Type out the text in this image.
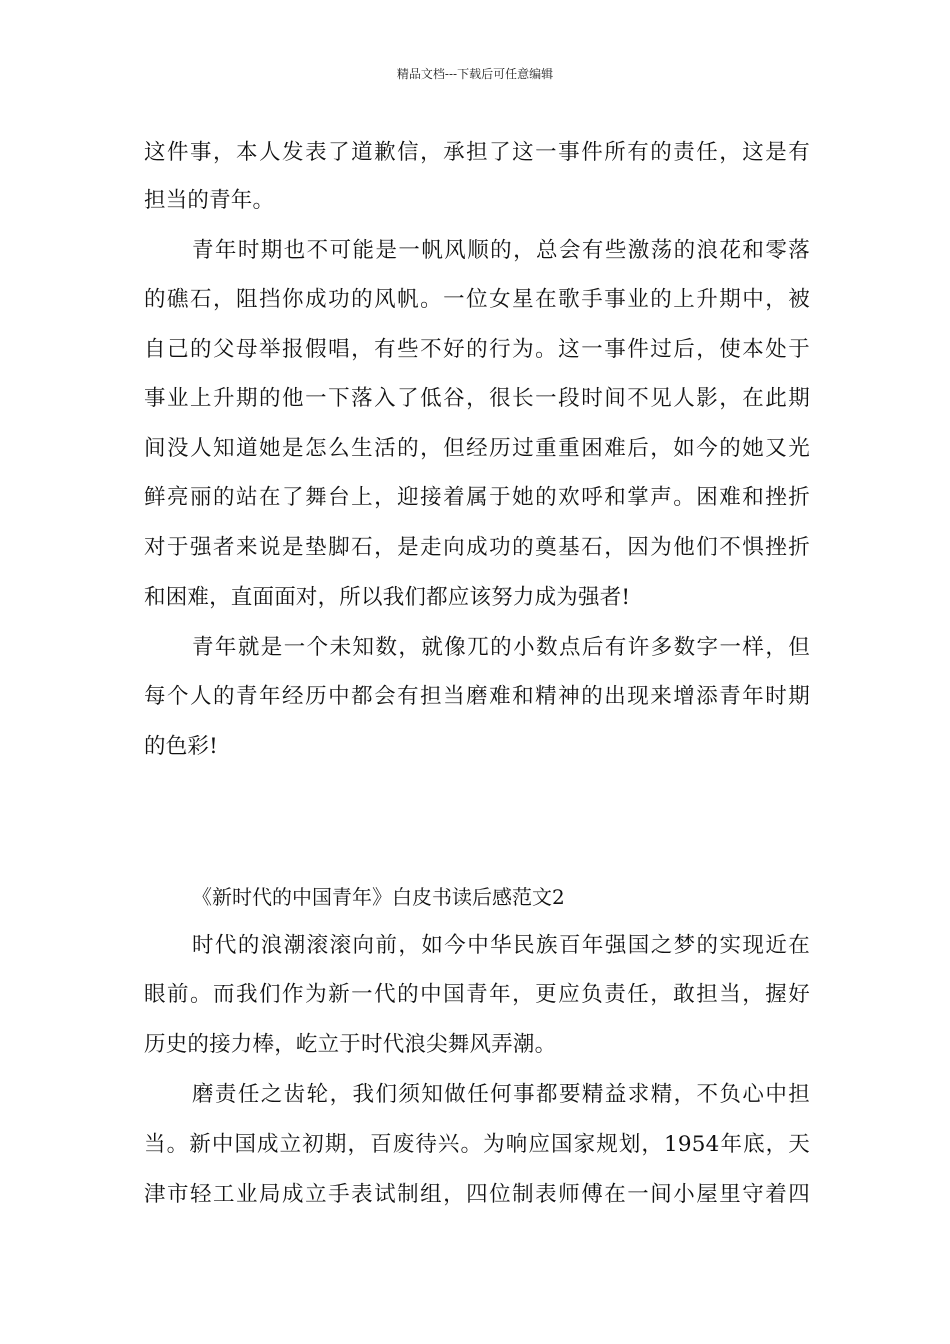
精品文档---下载后可任意编辑
这件事，本人发表了道歉信，承担了这一事件所有的责任，这是有
担当的青年。
青年时期也不可能是一帆风顺的，总会有些激荡的浪花和零落
的礁石，阻挡你成功的风帆。一位女星在歌手事业的上升期中，被
自己的父母举报假唱，有些不好的行为。这一事件过后，使本处于
事业上升期的他一下落入了低谷，很长一段时间不见人影，在此期
间没人知道她是怎么生活的，但经历过重重困难后，如今的她又光
鲜亮丽的站在了舞台上，迎接着属于她的欢呼和掌声。困难和挫折
对于强者来说是垫脚石，是走向成功的奠基石，因为他们不惧挫折
和困难，直面面对，所以我们都应该努力成为强者!
青年就是一个未知数，就像兀的小数点后有许多数字一样，但
每个人的青年经历中都会有担当磨难和精神的出现来增添青年时期
的色彩!
《新时代的中国青年》白皮书读后感范文2
时代的浪潮滚滚向前，如今中华民族百年强国之梦的实现近在
眼前。而我们作为新一代的中国青年，更应负责任，敢担当，握好
历史的接力棒，屹立于时代浪尖舞风弄潮。
磨责任之齿轮，我们须知做任何事都要精益求精，不负心中担
当。新中国成立初期，百废待兴。为响应国家规划，1954年底，天
津市轻工业局成立手表试制组，四位制表师傅在一间小屋里守着四
